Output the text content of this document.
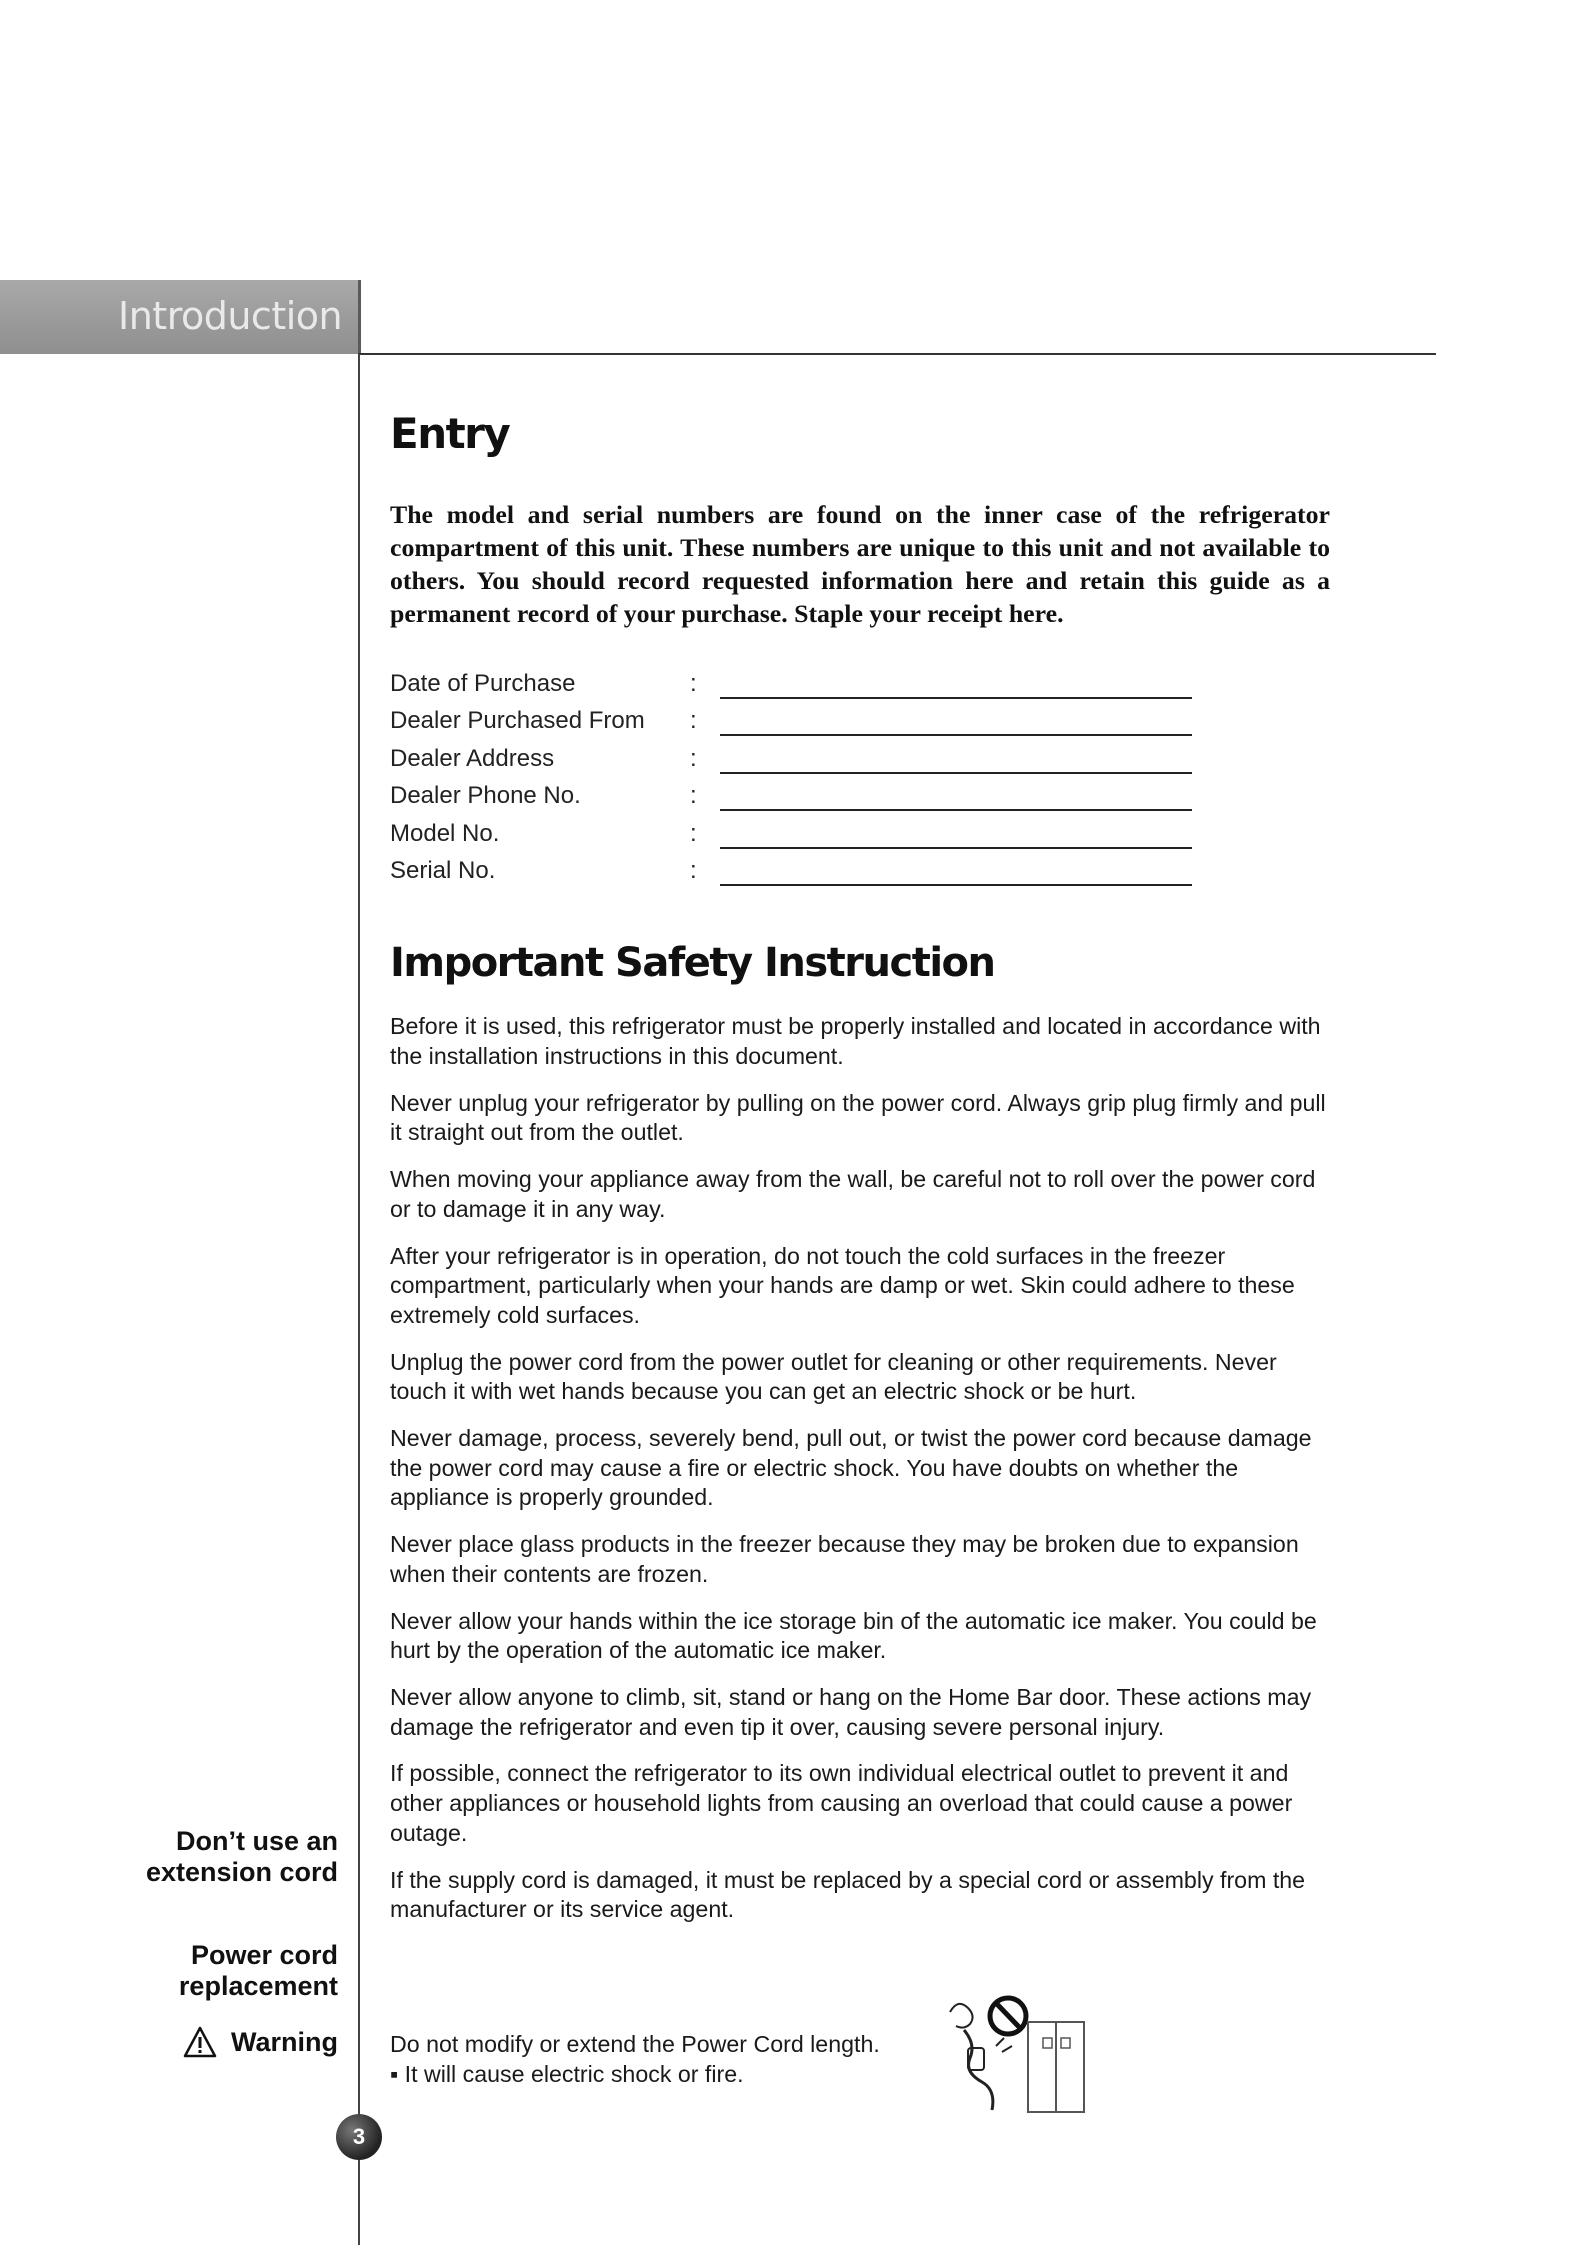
Introduction
Entry

The model and serial numbers are found on the inner case of the refrigerator compartment of this unit. These numbers are unique to this unit and not available to others. You should record requested information here and retain this guide as a permanent record of your purchase. Staple your receipt here.

Date of Purchase	:
Dealer Purchased From :
Dealer Address	:
Dealer Phone No.	:
Model No.	:
Serial No.	:
Important Safety Instruction

Before it is used, this refrigerator must be properly installed and located in accordance with the installation instructions in this document.

Never unplug your refrigerator by pulling on the power cord. Always grip plug firmly and pull it straight out from the outlet.

When moving your appliance away from the wall, be careful not to roll over the power cord or to damage it in any way.

After your refrigerator is in operation, do not touch the cold surfaces in the freezer compartment, particularly when your hands are damp or wet. Skin could adhere to these extremely cold surfaces.

Unplug the power cord from the power outlet for cleaning or other requirements. Never touch it with wet hands because you can get an electric shock or be hurt.

Never damage, process, severely bend, pull out, or twist the power cord because damage the power cord may cause a fire or electric shock. You have doubts on whether the appliance is properly grounded.

Never place glass products in the freezer because they may be broken due to expansion when their contents are frozen.

Never allow your hands within the ice storage bin of the automatic ice maker. You could be hurt by the operation of the automatic ice maker.

Never allow anyone to climb, sit, stand or hang on the Home Bar door. These actions may damage the refrigerator and even tip it over, causing severe personal injury.

If possible, connect the refrigerator to its own individual electrical outlet to prevent it and other appliances or household lights from causing an overload that could cause a power outage.

If the supply cord is damaged, it must be replaced by a special cord or assembly from the manufacturer or its service agent.

Don’t use an
extension cord
Power cord
replacement
Warning Do not modify or extend the Power Cord length.

▪ It will cause electric shock or fire.

3
